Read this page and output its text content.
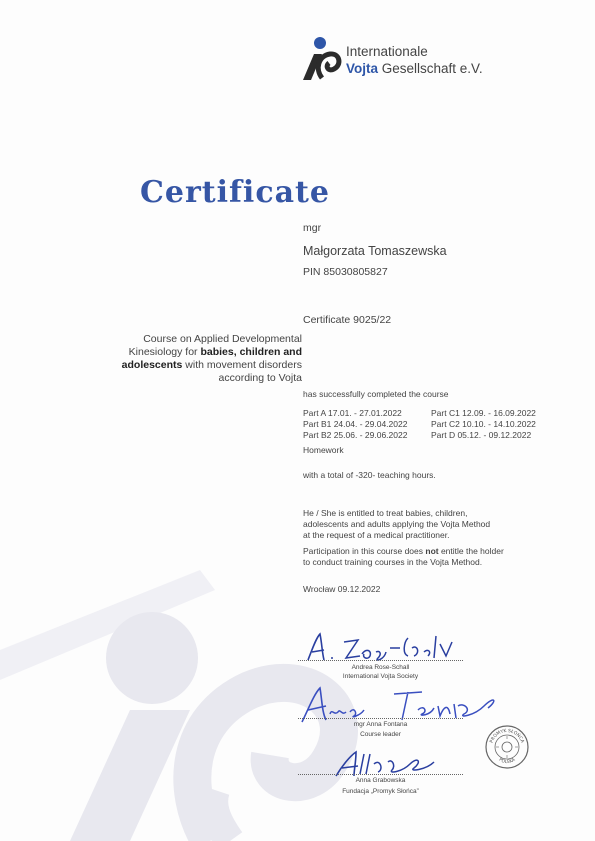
Internationale
Vojta Gesellschaft e.V.
Certificate
mgr
Małgorzata Tomaszewska
PIN 85030805827
Certificate 9025/22
Course on Applied Developmental
Kinesiology for babies, children and
adolescents with movement disorders
according to Vojta
has successfully completed the course
Part A 17.01. - 27.01.2022	Part C1 12.09. - 16.09.2022
Part B1 24.04. - 29.04.2022	Part C2 10.10. - 14.10.2022
Part B2 25.06. - 29.06.2022	Part D 05.12. - 09.12.2022
Homework
with a total of -320- teaching hours.
He / She is entitled to treat babies, children,
adolescents and adults applying the Vojta Method
at the request of a medical practitioner.
Participation in this course does not entitle the holder
to conduct training courses in the Vojta Method.
Wrocław 09.12.2022
Andrea Rose-Schall
International Vojta Society
mgr Anna Fontana
Course leader
PROMYK SŁOŃCA
POLSKA
Anna Grabowska
Fundacja „Promyk Słońca”
